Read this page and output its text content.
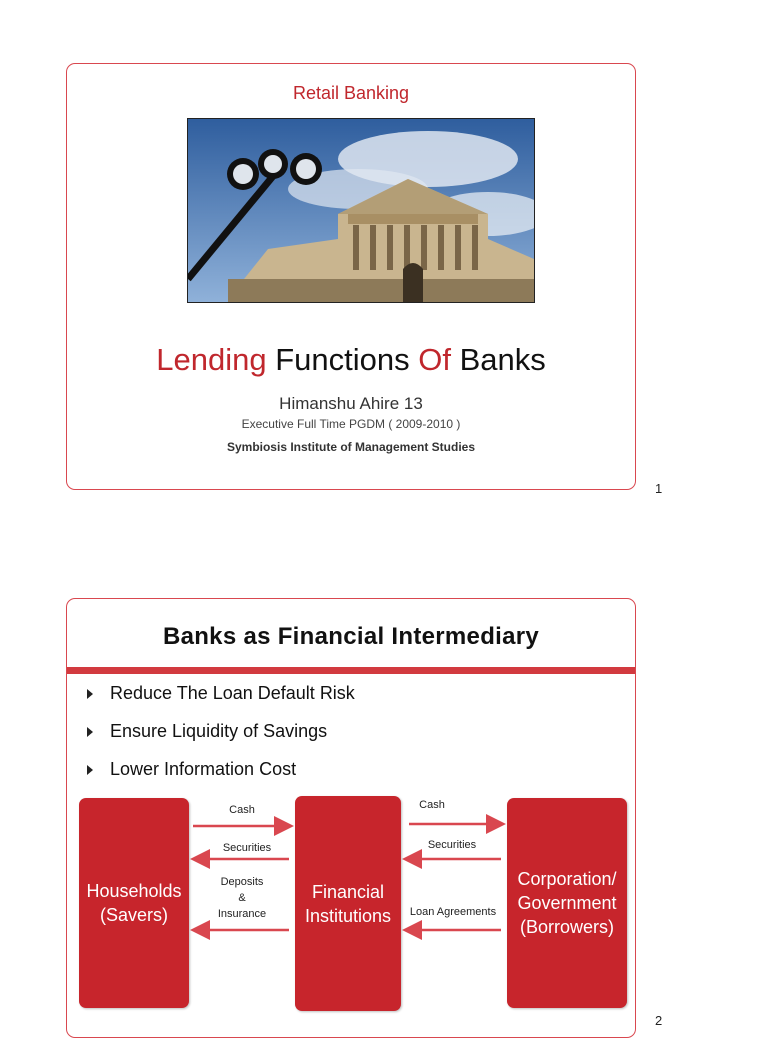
Retail Banking
Lending Functions Of Banks
Himanshu Ahire 13
Executive Full Time PGDM ( 2009-2010 )
Symbiosis Institute of Management Studies
1
Banks as Financial Intermediary
Reduce The Loan Default Risk
Ensure Liquidity of Savings
Lower Information Cost
Households
(Savers)
Financial
Institutions
Corporation/
Government
(Borrowers)
Cash
Securities
Deposits
&
Insurance
Cash
Securities
Loan Agreements
2
